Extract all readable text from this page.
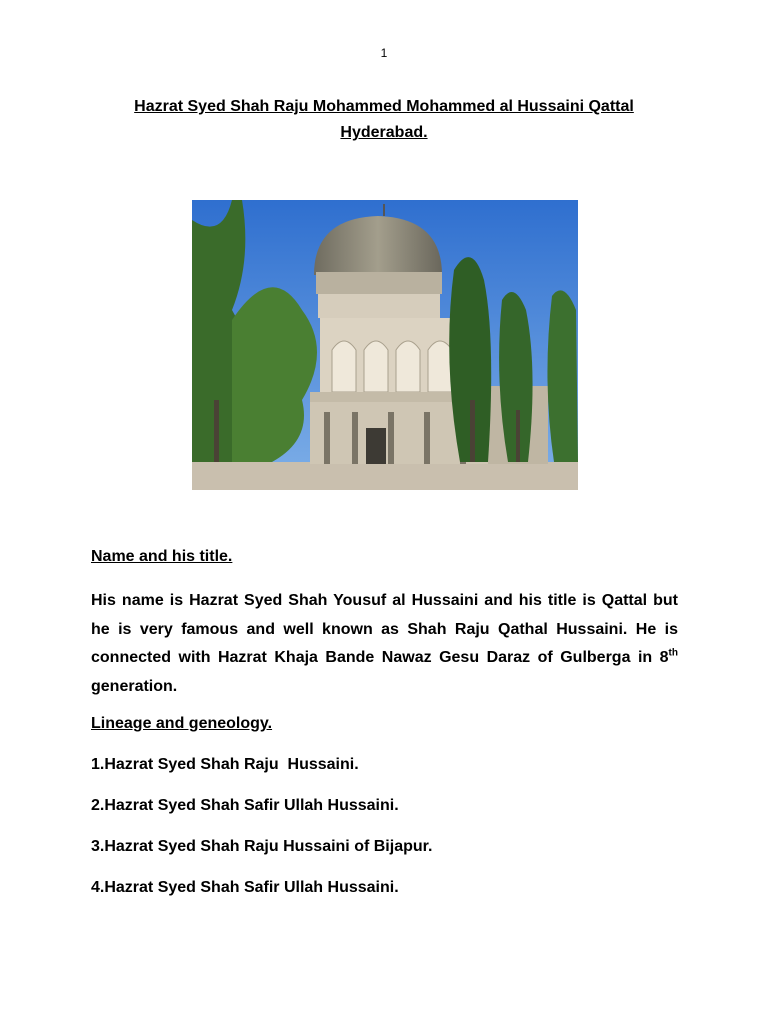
1
Hazrat Syed Shah Raju Mohammed Mohammed al Hussaini Qattal
Hyderabad.
Name and his title.
His name is Hazrat Syed Shah Yousuf al Hussaini and his title is Qattal but he is very famous and well known as Shah Raju Qathal Hussaini. He is connected with Hazrat Khaja Bande Nawaz Gesu Daraz of Gulberga in 8th generation.
Lineage and geneology.
1.Hazrat Syed Shah Raju  Hussaini.
2.Hazrat Syed Shah Safir Ullah Hussaini.
3.Hazrat Syed Shah Raju Hussaini of Bijapur.
4.Hazrat Syed Shah Safir Ullah Hussaini.
